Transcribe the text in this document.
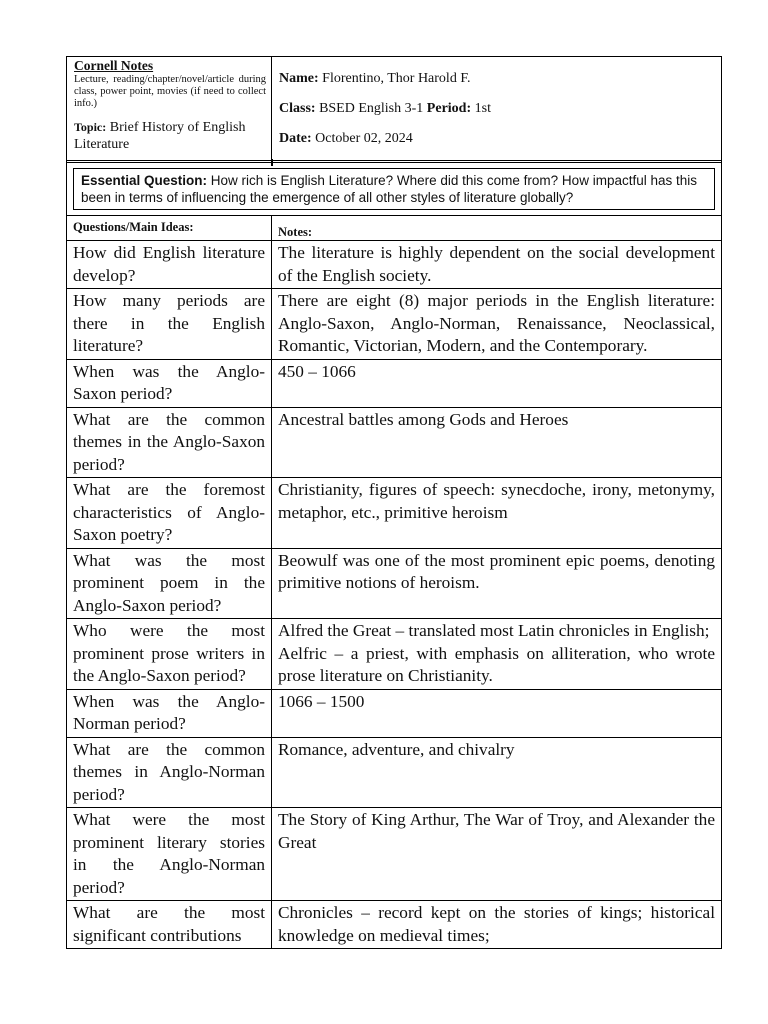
Cornell Notes
Lecture, reading/chapter/novel/article during class, power point, movies (if need to collect info.)
Topic: Brief History of English Literature
Name: Florentino, Thor Harold F.
Class: BSED English 3-1 Period: 1st
Date: October 02, 2024
Essential Question: How rich is English Literature? Where did this come from? How impactful has this been in terms of influencing the emergence of all other styles of literature globally?
Questions/Main Ideas:	Notes:
How did English literature develop?	The literature is highly dependent on the social development of the English society.

How many periods are there in the English literature?	There are eight (8) major periods in the English literature: Anglo-Saxon, Anglo-Norman, Renaissance, Neoclassical, Romantic, Victorian, Modern, and the Contemporary.

When was the Anglo-Saxon period?	450 – 1066

What are the common themes in the Anglo-Saxon period?	Ancestral battles among Gods and Heroes

What are the foremost characteristics of Anglo-Saxon poetry?	Christianity, figures of speech: synecdoche, irony, metonymy, metaphor, etc., primitive heroism

What was the most prominent poem in the Anglo-Saxon period?	Beowulf was one of the most prominent epic poems, denoting primitive notions of heroism.

Who were the most prominent prose writers in the Anglo-Saxon period?	Alfred the Great – translated most Latin chronicles in English;
Aelfric – a priest, with emphasis on alliteration, who wrote prose literature on Christianity.

When was the Anglo-Norman period?	1066 – 1500

What are the common themes in Anglo-Norman period?	Romance, adventure, and chivalry

What were the most prominent literary stories in the Anglo-Norman period?	The Story of King Arthur, The War of Troy, and Alexander the Great

What are the most significant contributions	Chronicles – record kept on the stories of kings; historical knowledge on medieval times;
